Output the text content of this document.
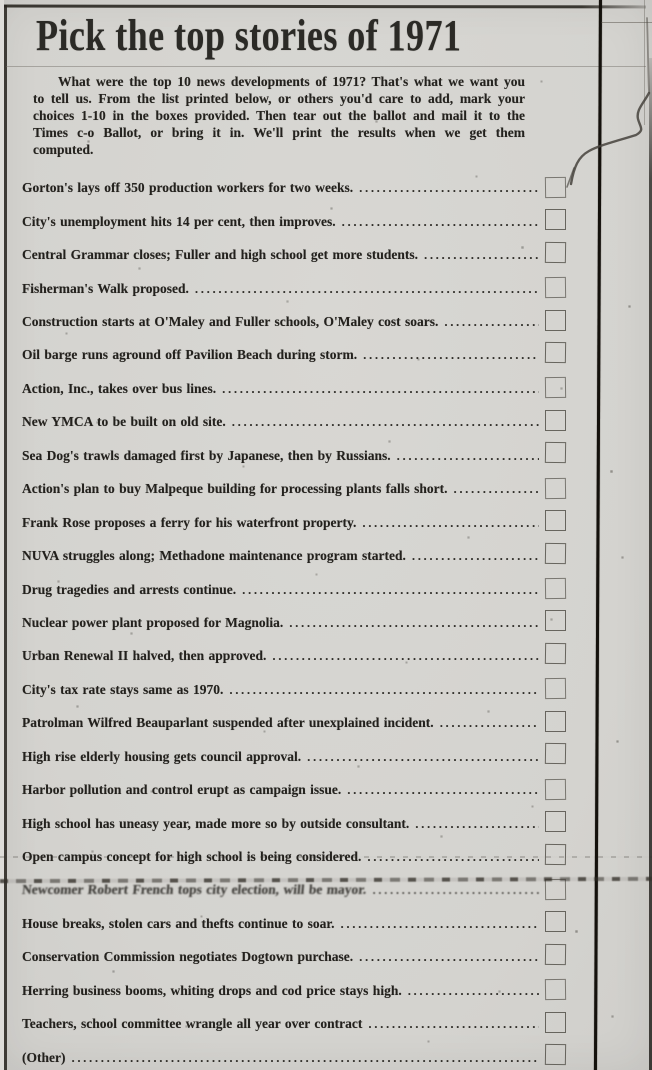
Pick the top stories of 1971

What were the top 10 news developments of 1971? That's what we want you to tell us. From the list printed below, or others you'd care to add, mark your choices 1-10 in the boxes provided. Then tear out the ballot and mail it to the Times c-o Ballot, or bring it in. We'll print the results when we get them computed.

Gorton's lays off 350 production workers for two weeks.
.....
City's unemployment hits 14 per cent, then improves.
.....
Central Grammar closes; Fuller and high school get more students.
.....
Fisherman's Walk proposed.
.....
Construction starts at O'Maley and Fuller schools, O'Maley cost soars.
.....
Oil barge runs aground off Pavilion Beach during storm.
.....
Action, Inc., takes over bus lines.
.....
New YMCA to be built on old site.
.....
Sea Dog's trawls damaged first by Japanese, then by Russians.
.....
Action's plan to buy Malpeque building for processing plants falls short.
.....
Frank Rose proposes a ferry for his waterfront property.
.....
NUVA struggles along; Methadone maintenance program started.
.....
Drug tragedies and arrests continue.
.....
Nuclear power plant proposed for Magnolia.
.....
Urban Renewal II halved, then approved.
.....
City's tax rate stays same as 1970.
.....
Patrolman Wilfred Beauparlant suspended after unexplained incident.
.....
High rise elderly housing gets council approval.
.....
Harbor pollution and control erupt as campaign issue.
.....
High school has uneasy year, made more so by outside consultant.
.....
Open campus concept for high school is being considered.
.....
Newcomer Robert French tops city election, will be mayor.
.....
House breaks, stolen cars and thefts continue to soar.
.....
Conservation Commission negotiates Dogtown purchase.
.....
Herring business booms, whiting drops and cod price stays high.
.....
Teachers, school committee wrangle all year over contract
.....
(Other)
.....
